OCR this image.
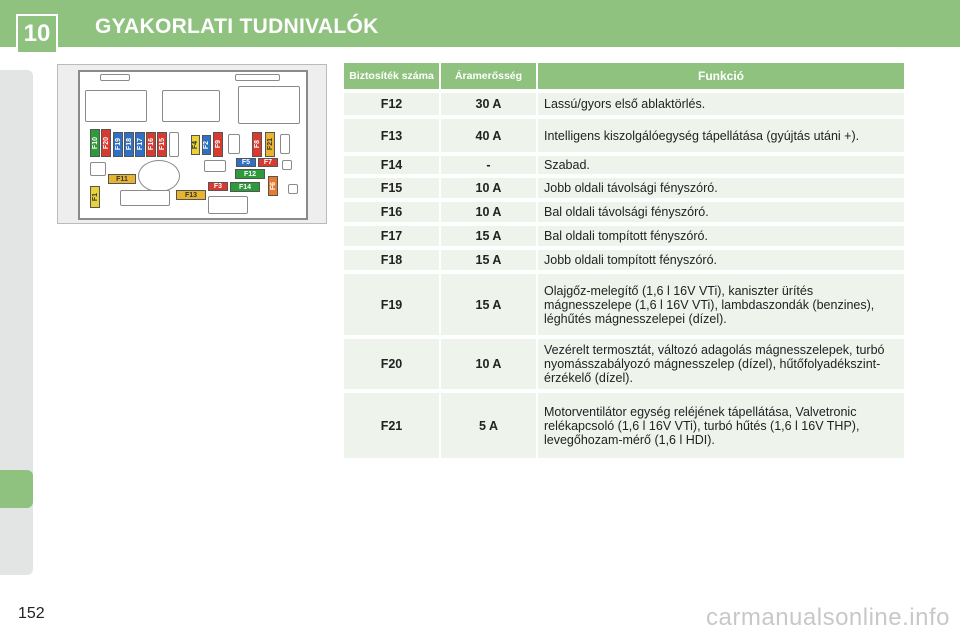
10	GYAKORLATI TUDNIVALÓK
F10 F20 F19 F18 F17 F16 F15	F4 F2 F9	F8 F21
F5 F7
F12
F11
F13
F3 F14	F6
F1
Biztosíték száma	Áramerősség	Funkció
F12	30 A	Lassú/gyors első ablaktörlés.
F13	40 A	Intelligens kiszolgálóegység tápellátása (gyújtás utáni +).
F14	-	Szabad.
F15	10 A	Jobb oldali távolsági fényszóró.
F16	10 A	Bal oldali távolsági fényszóró.
F17	15 A	Bal oldali tompított fényszóró.
F18	15 A	Jobb oldali tompított fényszóró.
F19	15 A
Olajgőz-melegítő (1,6 l 16V VTi), kaniszter ürítés mágnesszelepe (1,6 l 16V VTi), lambdaszondák (benzines), léghűtés mágnesszelepei (dízel).
F20	10 A
Vezérelt termosztát, változó adagolás mágnesszelepek, turbó nyomásszabályozó mágnesszelep (dízel), hűtőfolyadékszint-érzékelő (dízel).
F21	5 A
Motorventilátor egység reléjének tápellátása, Valvetronic relékapcsoló (1,6 l 16V VTi), turbó hűtés (1,6 l 16V THP), levegőhozam-mérő (1,6 l HDI).
152	carmanualsonline.info
